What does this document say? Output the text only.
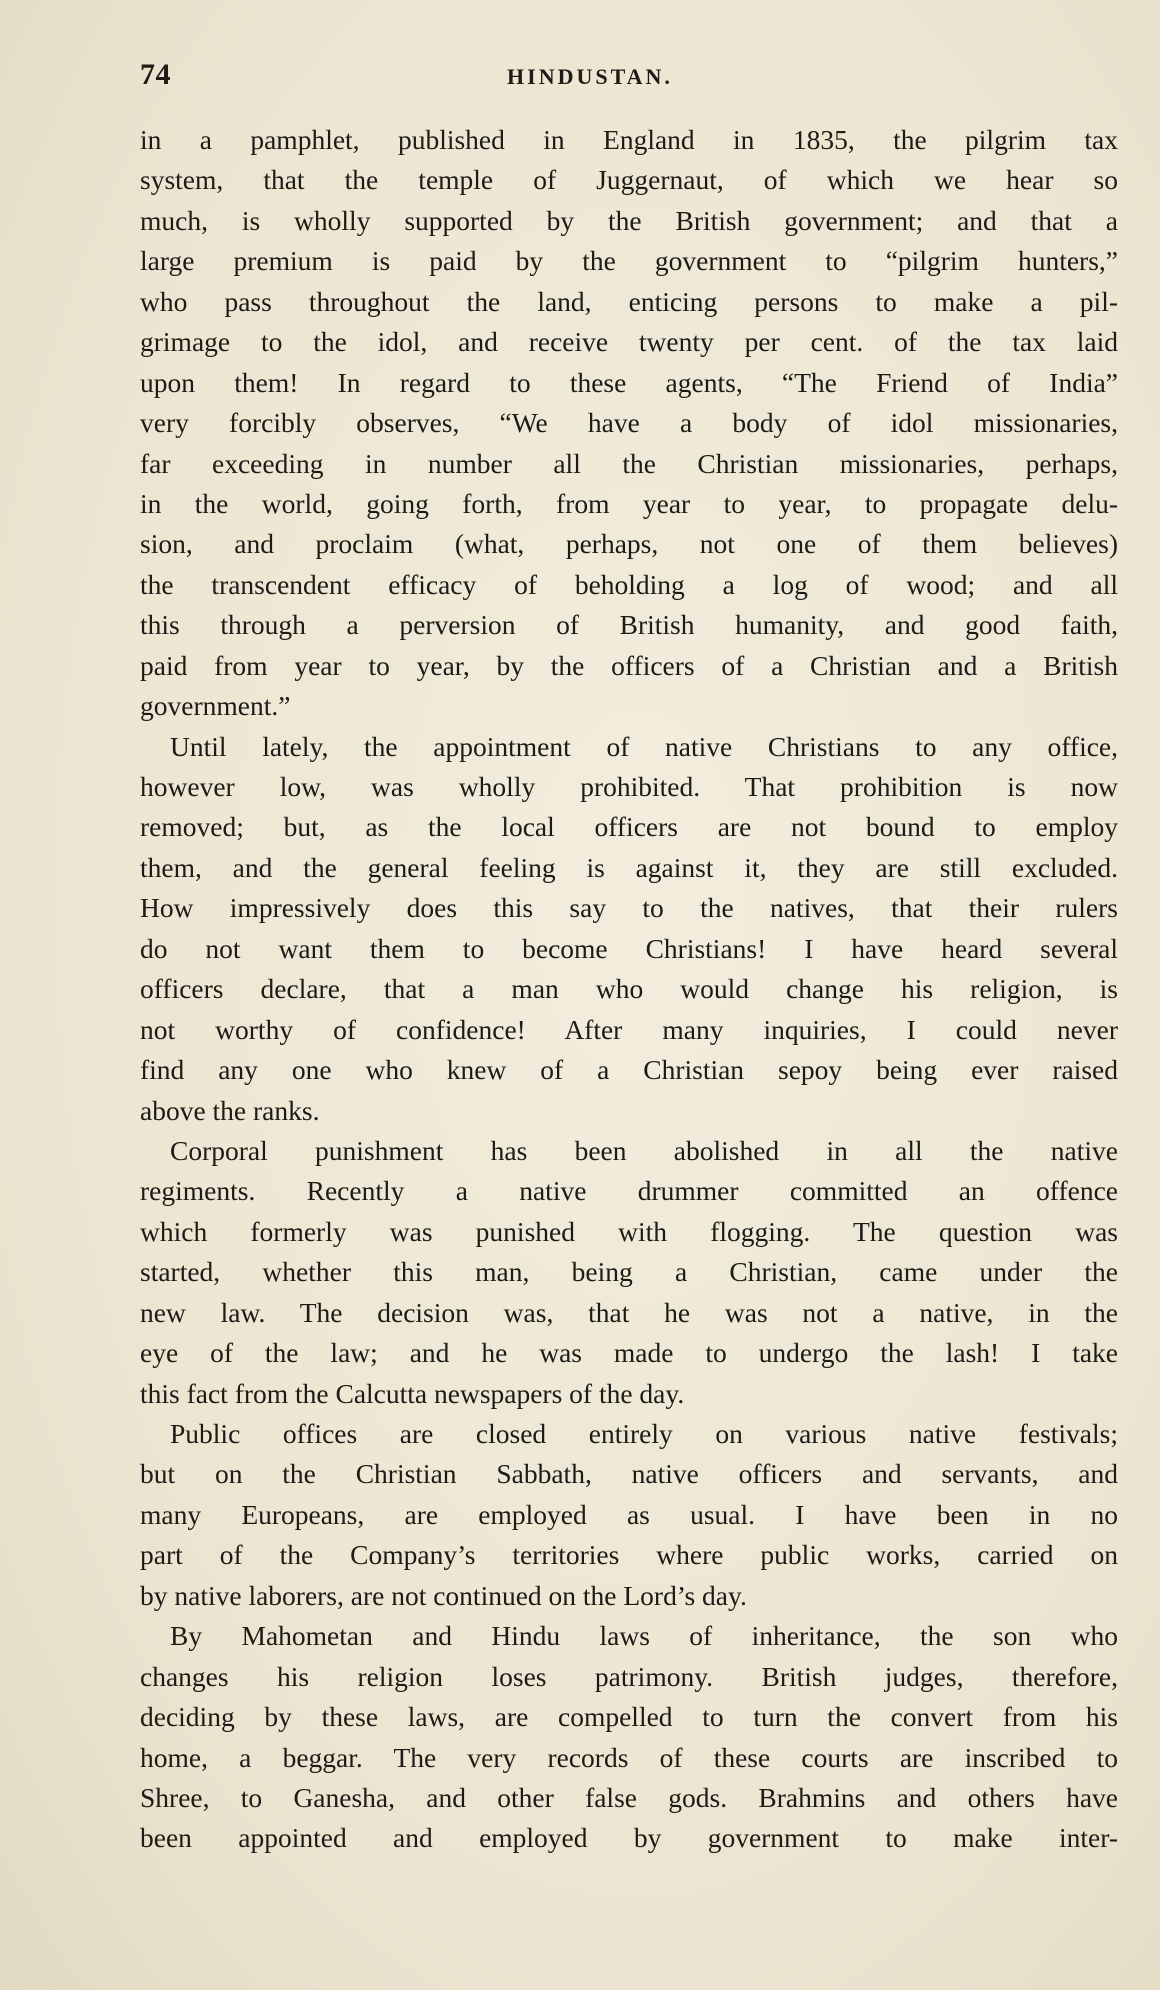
74	HINDUSTAN.
in a pamphlet, published in England in 1835, the pilgrim tax
system, that the temple of Juggernaut, of which we hear so
much, is wholly supported by the British government; and that a
large premium is paid by the government to “pilgrim hunters,”
who pass throughout the land, enticing persons to make a pil-
grimage to the idol, and receive twenty per cent. of the tax laid
upon them! In regard to these agents, “The Friend of India”
very forcibly observes, “We have a body of idol missionaries,
far exceeding in number all the Christian missionaries, perhaps,
in the world, going forth, from year to year, to propagate delu-
sion, and proclaim (what, perhaps, not one of them believes)
the transcendent efficacy of beholding a log of wood; and all
this through a perversion of British humanity, and good faith,
paid from year to year, by the officers of a Christian and a British
government.”
Until lately, the appointment of native Christians to any office,
however low, was wholly prohibited. That prohibition is now
removed; but, as the local officers are not bound to employ
them, and the general feeling is against it, they are still excluded.
How impressively does this say to the natives, that their rulers
do not want them to become Christians! I have heard several
officers declare, that a man who would change his religion, is
not worthy of confidence! After many inquiries, I could never
find any one who knew of a Christian sepoy being ever raised
above the ranks.
Corporal punishment has been abolished in all the native
regiments. Recently a native drummer committed an offence
which formerly was punished with flogging. The question was
started, whether this man, being a Christian, came under the
new law. The decision was, that he was not a native, in the
eye of the law; and he was made to undergo the lash! I take
this fact from the Calcutta newspapers of the day.
Public offices are closed entirely on various native festivals;
but on the Christian Sabbath, native officers and servants, and
many Europeans, are employed as usual. I have been in no
part of the Company’s territories where public works, carried on
by native laborers, are not continued on the Lord’s day.
By Mahometan and Hindu laws of inheritance, the son who
changes his religion loses patrimony. British judges, therefore,
deciding by these laws, are compelled to turn the convert from his
home, a beggar. The very records of these courts are inscribed to
Shree, to Ganesha, and other false gods. Brahmins and others have
been appointed and employed by government to make inter-
